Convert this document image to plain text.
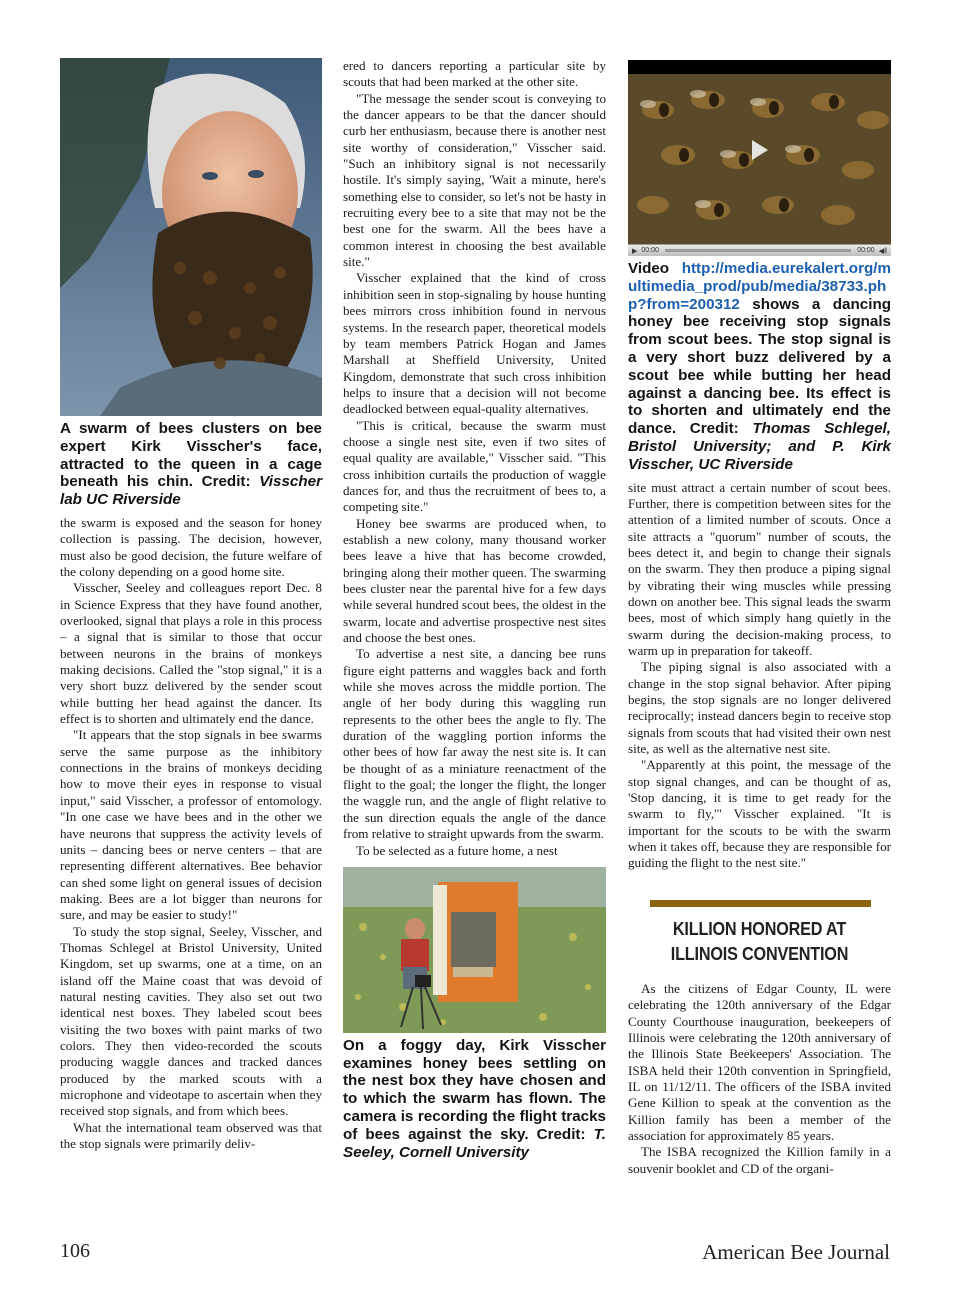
A swarm of bees clusters on bee expert Kirk Visscher's face, attracted to the queen in a cage beneath his chin. Credit: Visscher lab UC Riverside

the swarm is exposed and the season for honey collection is passing. The decision, however, must also be good decision, the future welfare of the colony depending on a good home site.

Visscher, Seeley and colleagues report Dec. 8 in Science Express that they have found another, overlooked, signal that plays a role in this process – a signal that is similar to those that occur between neurons in the brains of monkeys making decisions. Called the "stop signal," it is a very short buzz delivered by the sender scout while butting her head against the dancer. Its effect is to shorten and ultimately end the dance.

"It appears that the stop signals in bee swarms serve the same purpose as the inhibitory connections in the brains of monkeys deciding how to move their eyes in response to visual input," said Visscher, a professor of entomology. "In one case we have bees and in the other we have neurons that suppress the activity levels of units – dancing bees or nerve centers – that are representing different alternatives. Bee behavior can shed some light on general issues of decision making. Bees are a lot bigger than neurons for sure, and may be easier to study!"

To study the stop signal, Seeley, Visscher, and Thomas Schlegel at Bristol University, United Kingdom, set up swarms, one at a time, on an island off the Maine coast that was devoid of natural nesting cavities. They also set out two identical nest boxes. They labeled scout bees visiting the two boxes with paint marks of two colors. They then video-recorded the scouts producing waggle dances and tracked dances produced by the marked scouts with a microphone and videotape to ascertain when they received stop signals, and from which bees.

What the international team observed was that the stop signals were primarily deliv-

ered to dancers reporting a particular site by scouts that had been marked at the other site.

"The message the sender scout is conveying to the dancer appears to be that the dancer should curb her enthusiasm, because there is another nest site worthy of consideration," Visscher said. "Such an inhibitory signal is not necessarily hostile. It's simply saying, 'Wait a minute, here's something else to consider, so let's not be hasty in recruiting every bee to a site that may not be the best one for the swarm. All the bees have a common interest in choosing the best available site."

Visscher explained that the kind of cross inhibition seen in stop-signaling by house hunting bees mirrors cross inhibition found in nervous systems. In the research paper, theoretical models by team members Patrick Hogan and James Marshall at Sheffield University, United Kingdom, demonstrate that such cross inhibition helps to insure that a decision will not become deadlocked between equal-quality alternatives.

"This is critical, because the swarm must choose a single nest site, even if two sites of equal quality are available," Visscher said. "This cross inhibition curtails the production of waggle dances for, and thus the recruitment of bees to, a competing site."

Honey bee swarms are produced when, to establish a new colony, many thousand worker bees leave a hive that has become crowded, bringing along their mother queen. The swarming bees cluster near the parental hive for a few days while several hundred scout bees, the oldest in the swarm, locate and advertise prospective nest sites and choose the best ones.

To advertise a nest site, a dancing bee runs figure eight patterns and waggles back and forth while she moves across the middle portion. The angle of her body during this waggling run represents to the other bees the angle to fly. The duration of the waggling portion informs the other bees of how far away the nest site is. It can be thought of as a miniature reenactment of the flight to the goal; the longer the flight, the longer the waggle run, and the angle of flight relative to the sun direction equals the angle of the dance from relative to straight upwards from the swarm.

To be selected as a future home, a nest

On a foggy day, Kirk Visscher examines honey bees settling on the nest box they have chosen and to which the swarm has flown. The camera is recording the flight tracks of bees against the sky. Credit: T. Seeley, Cornell University
▶ 00:00	00:00 ◀‖
Video http://media.eurekalert.org/multimedia_prod/pub/media/38733.php?from=200312 shows a dancing honey bee receiving stop signals from scout bees. The stop signal is a very short buzz delivered by a scout bee while butting her head against a dancing bee. Its effect is to shorten and ultimately end the dance. Credit: Thomas Schlegel, Bristol University; and P. Kirk Visscher, UC Riverside

site must attract a certain number of scout bees. Further, there is competition between sites for the attention of a limited number of scouts. Once a site attracts a "quorum" number of scouts, the bees detect it, and begin to change their signals on the swarm. They then produce a piping signal by vibrating their wing muscles while pressing down on another bee. This signal leads the swarm bees, most of which simply hang quietly in the swarm during the decision-making process, to warm up in preparation for takeoff.

The piping signal is also associated with a change in the stop signal behavior. After piping begins, the stop signals are no longer delivered reciprocally; instead dancers begin to receive stop signals from scouts that had visited their own nest site, as well as the alternative nest site.

"Apparently at this point, the message of the stop signal changes, and can be thought of as, 'Stop dancing, it is time to get ready for the swarm to fly,'" Visscher explained. "It is important for the scouts to be with the swarm when it takes off, because they are responsible for guiding the flight to the nest site."

KILLION HONORED AT
ILLINOIS CONVENTION

As the citizens of Edgar County, IL were celebrating the 120th anniversary of the Edgar County Courthouse inauguration, beekeepers of Illinois were celebrating the 120th anniversary of the Illinois State Beekeepers' Association. The ISBA held their 120th convention in Springfield, IL on 11/12/11. The officers of the ISBA invited Gene Killion to speak at the convention as the Killion family has been a member of the association for approximately 85 years.

The ISBA recognized the Killion family in a souvenir booklet and CD of the organi-

106	American Bee Journal
